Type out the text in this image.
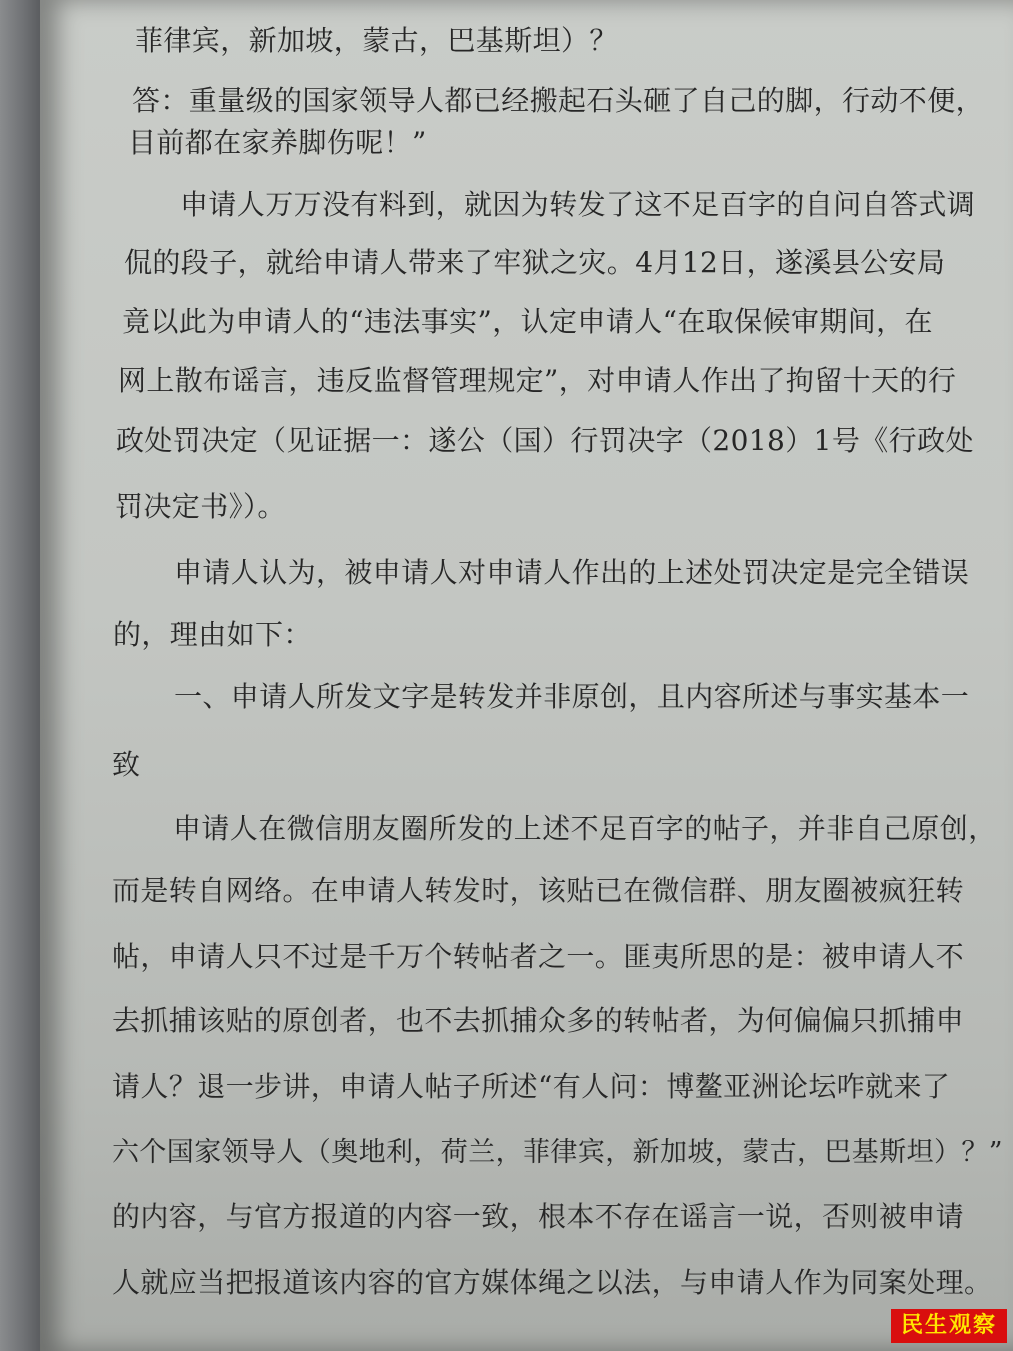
菲律宾，新加坡，蒙古，巴基斯坦）？

答：重量级的国家领导人都已经搬起石头砸了自己的脚，行动不便，

目前都在家养脚伤呢！”

申请人万万没有料到，就因为转发了这不足百字的自问自答式调

侃的段子，就给申请人带来了牢狱之灾。4月12日，遂溪县公安局

竟以此为申请人的“违法事实”，认定申请人“在取保候审期间，在

网上散布谣言，违反监督管理规定”，对申请人作出了拘留十天的行

政处罚决定（见证据一：遂公（国）行罚决字（2018）1号《行政处

罚决定书》）。

申请人认为，被申请人对申请人作出的上述处罚决定是完全错误

的，理由如下：

一、申请人所发文字是转发并非原创，且内容所述与事实基本一

致

申请人在微信朋友圈所发的上述不足百字的帖子，并非自己原创，

而是转自网络。在申请人转发时，该贴已在微信群、朋友圈被疯狂转

帖，申请人只不过是千万个转帖者之一。匪夷所思的是：被申请人不

去抓捕该贴的原创者，也不去抓捕众多的转帖者，为何偏偏只抓捕申

请人？退一步讲，申请人帖子所述“有人问：博鳌亚洲论坛咋就来了

六个国家领导人（奥地利，荷兰，菲律宾，新加坡，蒙古，巴基斯坦）？”

的内容，与官方报道的内容一致，根本不存在谣言一说，否则被申请

人就应当把报道该内容的官方媒体绳之以法，与申请人作为同案处理。

民生观察
